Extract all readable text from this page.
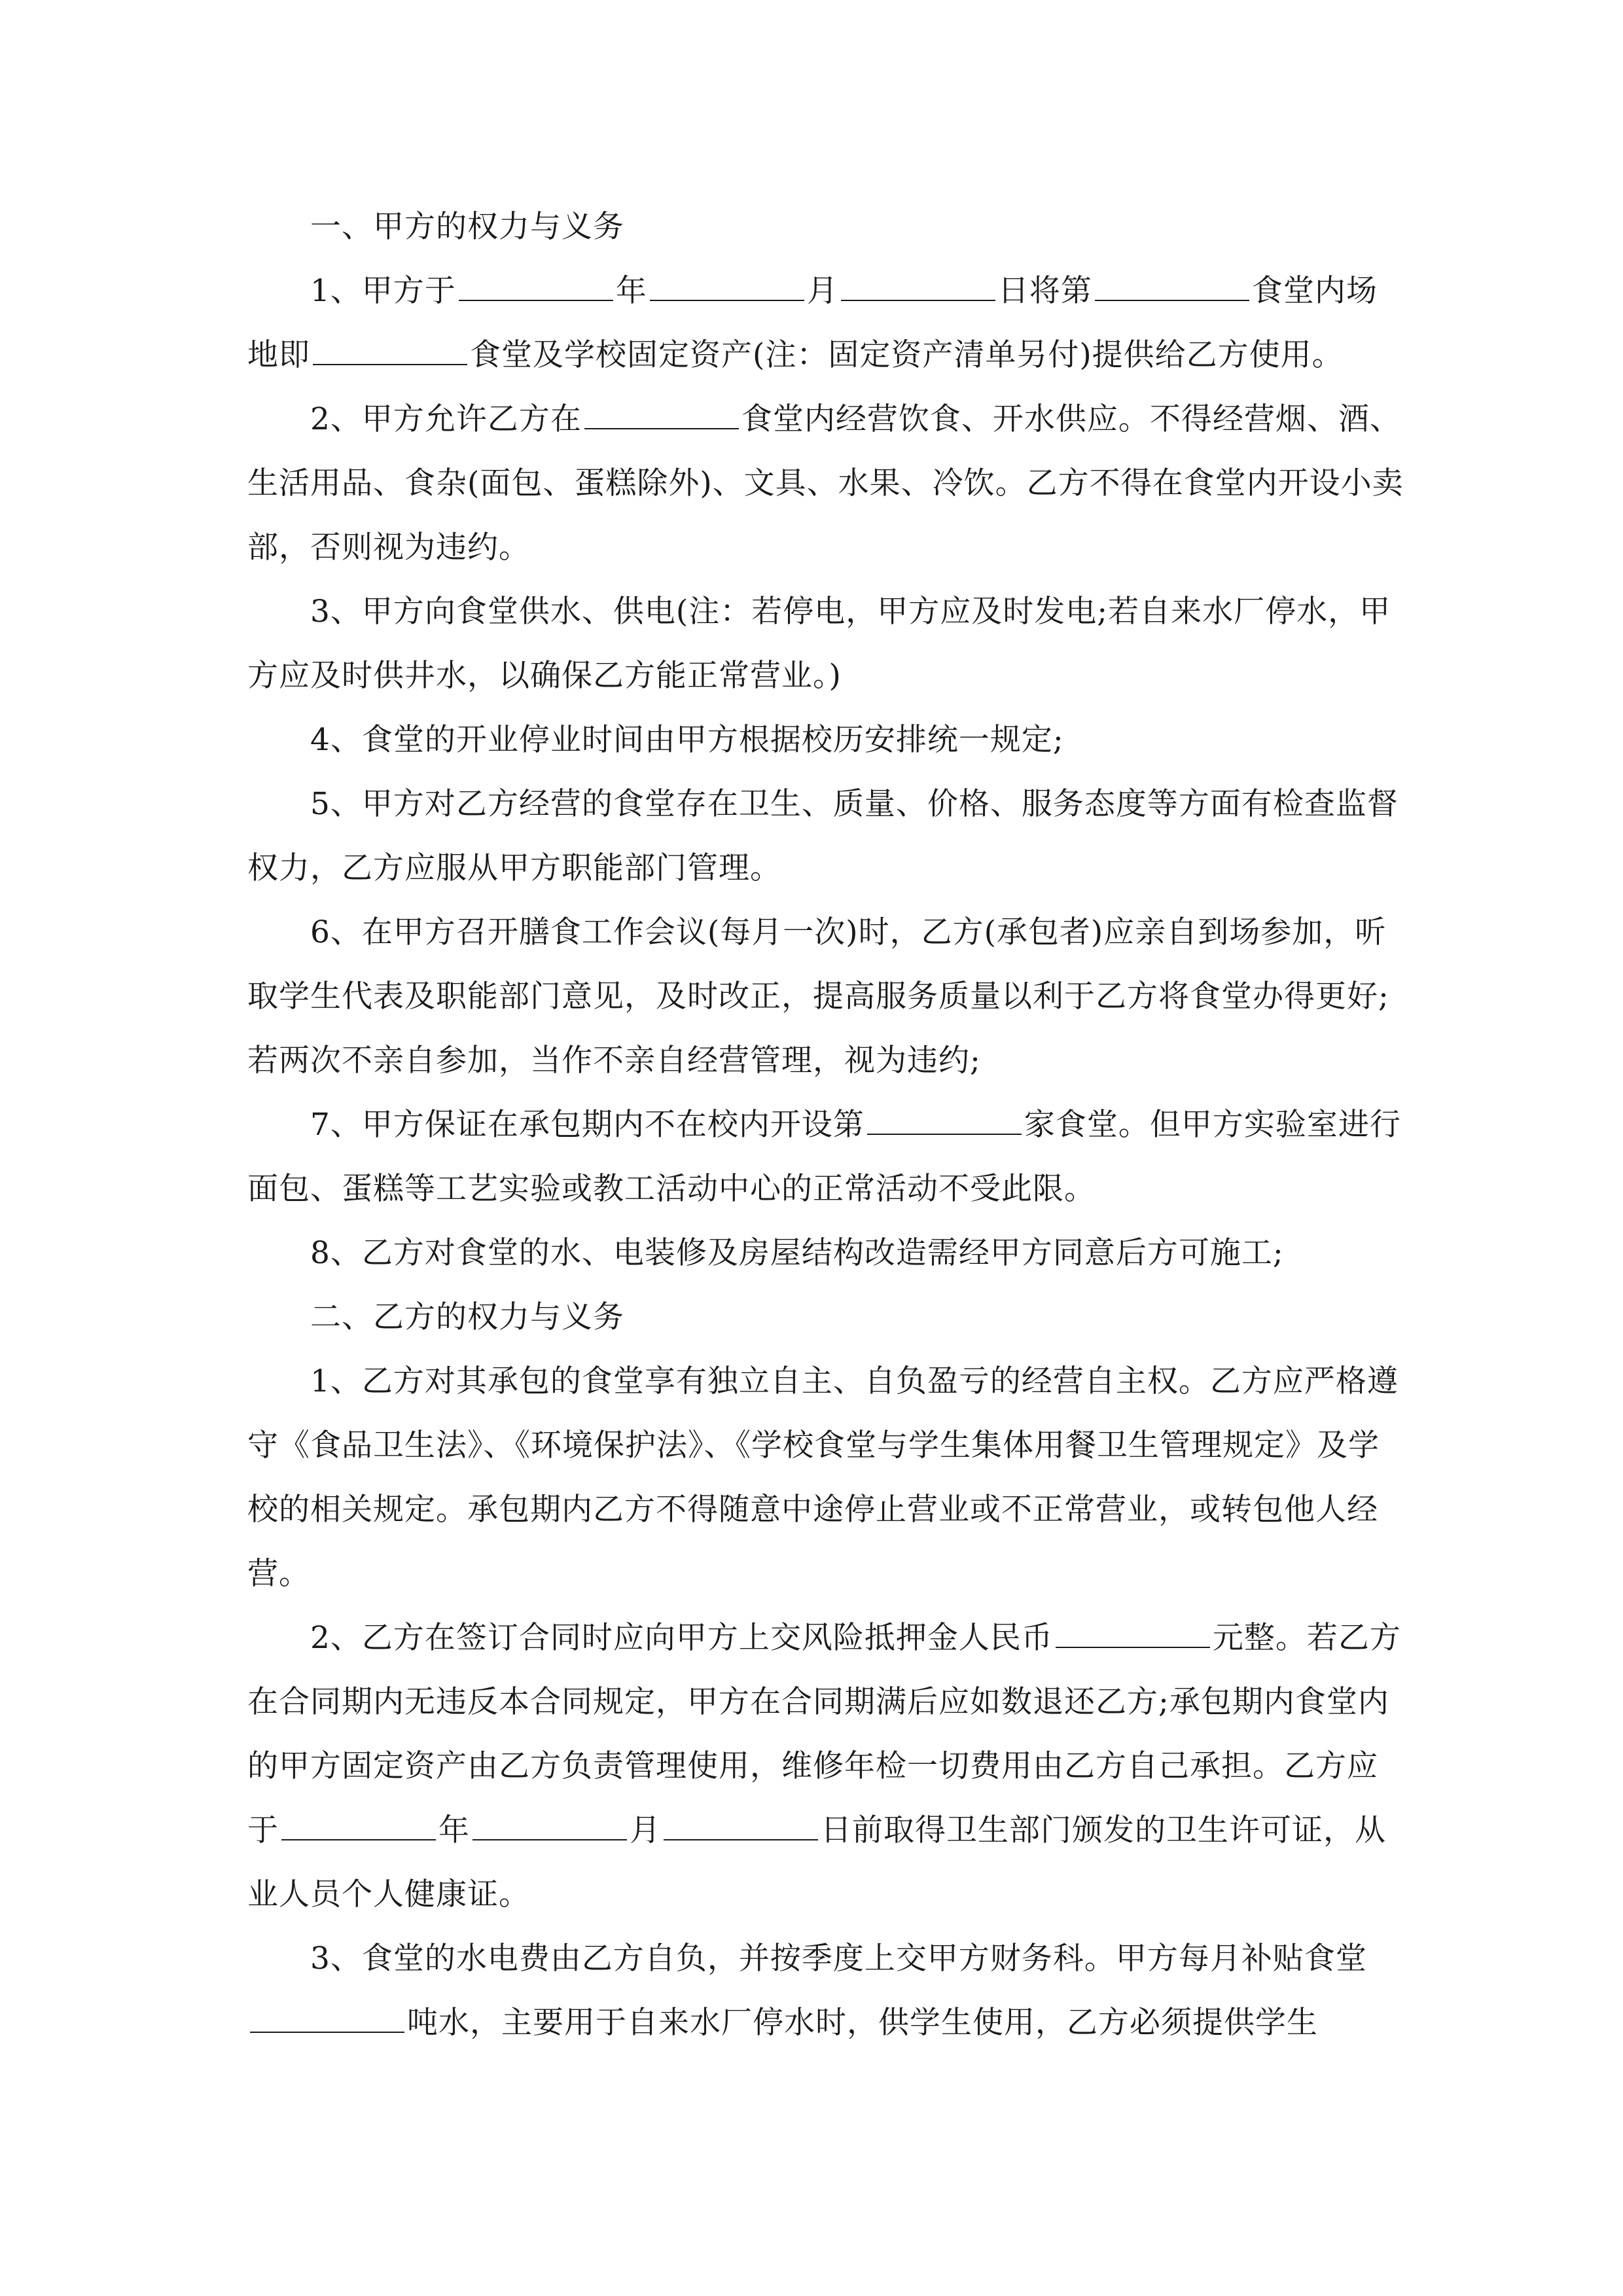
一、甲方的权力与义务

1、甲方于	年	月	日将第	食堂内场地即	食堂及学校固定资产(注：固定资产清单另付)提供给乙方使用。

2、甲方允许乙方在	食堂内经营饮食、开水供应。不得经营烟、酒、生活用品、食杂(面包、蛋糕除外)、文具、水果、冷饮。乙方不得在食堂内开设小卖部，否则视为违约。

3、甲方向食堂供水、供电(注：若停电，甲方应及时发电;若自来水厂停水，甲方应及时供井水，以确保乙方能正常营业。)

4、食堂的开业停业时间由甲方根据校历安排统一规定;

5、甲方对乙方经营的食堂存在卫生、质量、价格、服务态度等方面有检查监督权力，乙方应服从甲方职能部门管理。

6、在甲方召开膳食工作会议(每月一次)时，乙方(承包者)应亲自到场参加，听取学生代表及职能部门意见，及时改正，提高服务质量以利于乙方将食堂办得更好;若两次不亲自参加，当作不亲自经营管理，视为违约;

7、甲方保证在承包期内不在校内开设第	家食堂。但甲方实验室进行面包、蛋糕等工艺实验或教工活动中心的正常活动不受此限。

8、乙方对食堂的水、电装修及房屋结构改造需经甲方同意后方可施工;

二、乙方的权力与义务

1、乙方对其承包的食堂享有独立自主、自负盈亏的经营自主权。乙方应严格遵守《食品卫生法》、《环境保护法》、《学校食堂与学生集体用餐卫生管理规定》及学校的相关规定。承包期内乙方不得随意中途停止营业或不正常营业，或转包他人经营。

2、乙方在签订合同时应向甲方上交风险抵押金人民币	元整。若乙方在合同期内无违反本合同规定，甲方在合同期满后应如数退还乙方;承包期内食堂内的甲方固定资产由乙方负责管理使用，维修年检一切费用由乙方自己承担。乙方应于	年	月	日前取得卫生部门颁发的卫生许可证，从业人员个人健康证。

3、食堂的水电费由乙方自负，并按季度上交甲方财务科。甲方每月补贴食堂吨水，主要用于自来水厂停水时，供学生使用，乙方必须提供学生
